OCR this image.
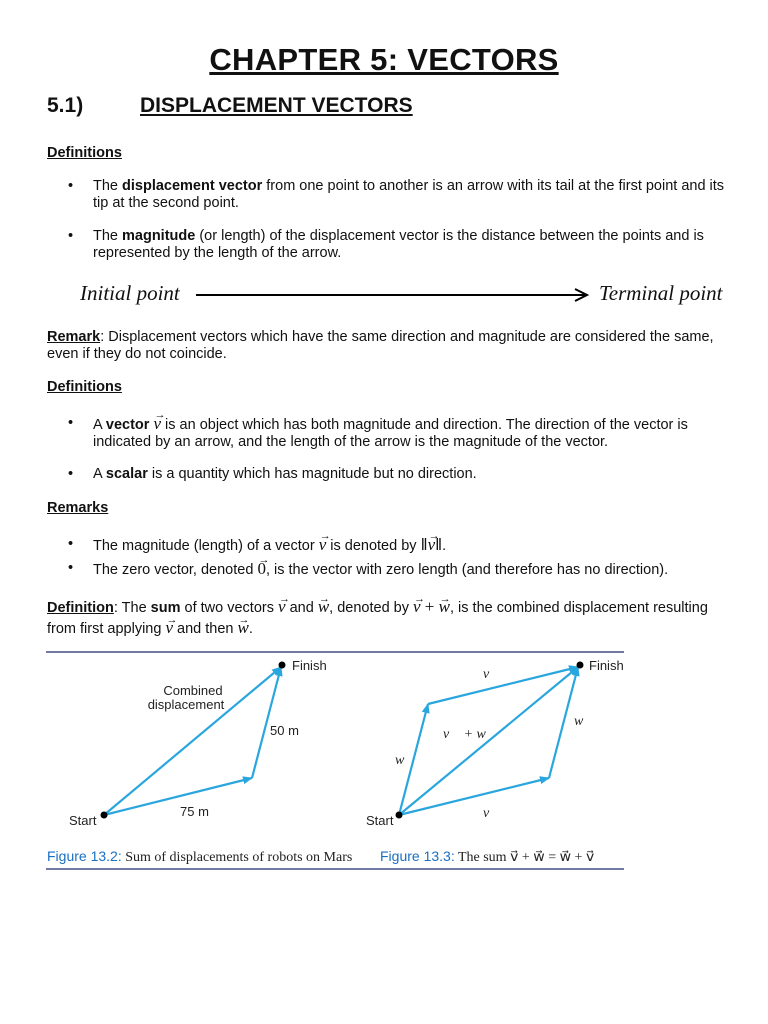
CHAPTER 5: VECTORS
5.1)	DISPLACEMENT VECTORS
Definitions
• The displacement vector from one point to another is an arrow with its tail at the first point and its tip at the second point.
• The magnitude (or length) of the displacement vector is the distance between the points and is represented by the length of the arrow.
Initial point	Terminal point
Remark: Displacement vectors which have the same direction and magnitude are considered the same, even if they do not coincide.
Definitions
• A vector → v is an object which has both magnitude and direction. The direction of the vector is indicated by an arrow, and the length of the arrow is the magnitude of the vector.
• A scalar is a quantity which has magnitude but no direction.
Remarks
• The magnitude (length) of a vector → v is denoted by ‖→ v‖.
• The zero vector, denoted → 0, is the vector with zero length (and therefore has no direction).
Definition: The sum of two vectors → v and → w, denoted by → v + → w, is the combined displacement resulting from first applying → v and then → w.
Finish
Combined
displacement
50 m
Start
75 m
Figure 13.2: Sum of displacements of robots on Mars
Finish
v⃗
w⃗
v⃗ + w⃗
w⃗
v⃗
Start
Figure 13.3: The sum v⃗ + w⃗ = w⃗ + v⃗
